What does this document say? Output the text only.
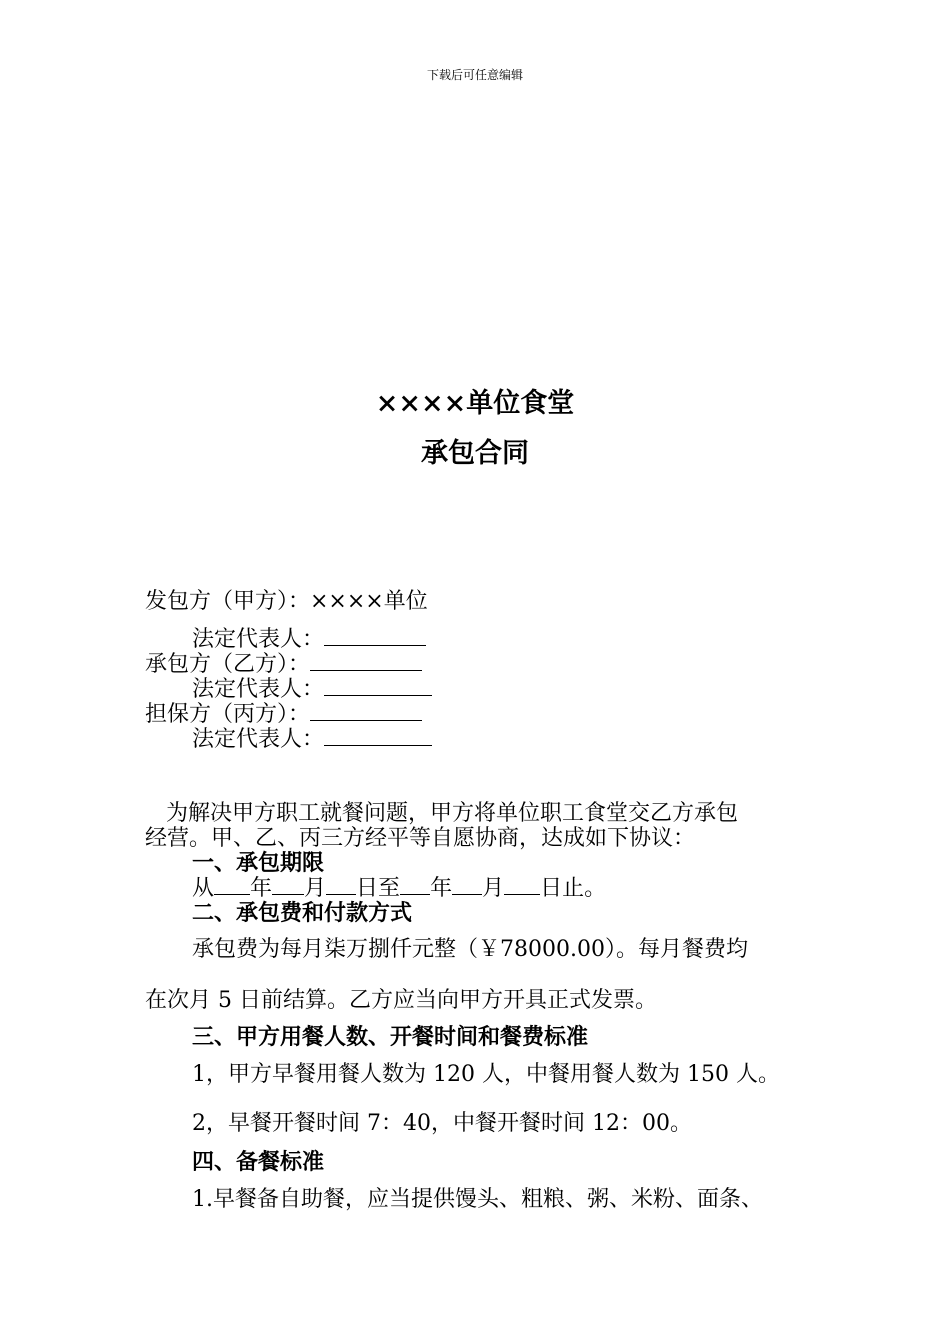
下载后可任意编辑
××××单位食堂
承包合同
发包方（甲方）：××××单位
法定代表人：
承包方（乙方）：
法定代表人：
担保方（丙方）：
法定代表人：
为解决甲方职工就餐问题，甲方将单位职工食堂交乙方承包
经营。甲、乙、丙三方经平等自愿协商，达成如下协议：
一、承包期限
从 年 月 日至 年 月 日止。
二、承包费和付款方式
承包费为每月柒万捌仟元整（￥78000.00）。每月餐费均
在次月 5 日前结算。乙方应当向甲方开具正式发票。
三、甲方用餐人数、开餐时间和餐费标准
1，甲方早餐用餐人数为 120 人，中餐用餐人数为 150 人。
2，早餐开餐时间 7：40，中餐开餐时间 12：00。
四、备餐标准
1.早餐备自助餐，应当提供馒头、粗粮、粥、米粉、面条、
